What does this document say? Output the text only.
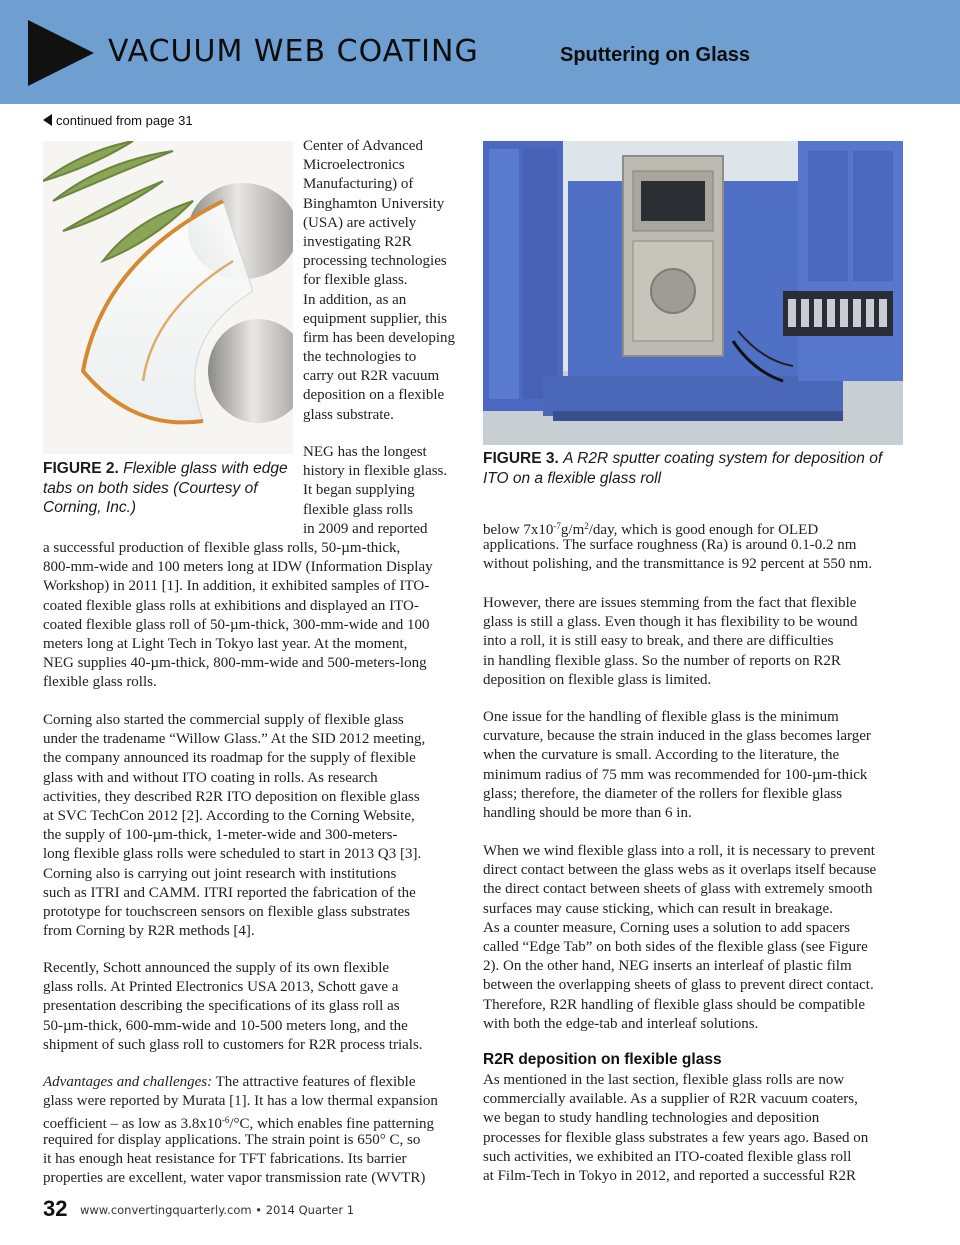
VACUUM WEB COATING	Sputtering on Glass
continued from page 31
Center of Advanced
Microelectronics
Manufacturing) of
Binghamton University
(USA) are actively
investigating R2R
processing technologies
for flexible glass.
In addition, as an
equipment supplier, this
firm has been developing
the technologies to
carry out R2R vacuum
deposition on a flexible
glass substrate.
FIGURE 2. Flexible glass with edge tabs on both sides (Courtesy of Corning, Inc.)
NEG has the longest
history in flexible glass.
It began supplying
flexible glass rolls
in 2009 and reported
a successful production of flexible glass rolls, 50-µm-thick,
800-mm-wide and 100 meters long at IDW (Information Display
Workshop) in 2011 [1]. In addition, it exhibited samples of ITO-
coated flexible glass rolls at exhibitions and displayed an ITO-
coated flexible glass roll of 50-µm-thick, 300-mm-wide and 100
meters long at Light Tech in Tokyo last year. At the moment,
NEG supplies 40-µm-thick, 800-mm-wide and 500-meters-long
flexible glass rolls.
Corning also started the commercial supply of flexible glass
under the tradename “Willow Glass.” At the SID 2012 meeting,
the company announced its roadmap for the supply of flexible
glass with and without ITO coating in rolls. As research
activities, they described R2R ITO deposition on flexible glass
at SVC TechCon 2012 [2]. According to the Corning Website,
the supply of 100-µm-thick, 1-meter-wide and 300-meters-
long flexible glass rolls were scheduled to start in 2013 Q3 [3].
Corning also is carrying out joint research with institutions
such as ITRI and CAMM. ITRI reported the fabrication of the
prototype for touchscreen sensors on flexible glass substrates
from Corning by R2R methods [4].
Recently, Schott announced the supply of its own flexible
glass rolls. At Printed Electronics USA 2013, Schott gave a
presentation describing the specifications of its glass roll as
50-µm-thick, 600-mm-wide and 10-500 meters long, and the
shipment of such glass roll to customers for R2R process trials.
Advantages and challenges: The attractive features of flexible
glass were reported by Murata [1]. It has a low thermal expansion
coefficient – as low as $3.8x10^{-6}/^\circ C$, which enables fine patterning
required for display applications. The strain point is 650° C, so
it has enough heat resistance for TFT fabrications. Its barrier
properties are excellent, water vapor transmission rate (WVTR)
FIGURE 3. A R2R sputter coating system for deposition of ITO on a flexible glass roll
below $7x10^{-7}g/m^2$/day, which is good enough for OLED
applications. The surface roughness (Ra) is around 0.1-0.2 nm
without polishing, and the transmittance is 92 percent at 550 nm.
However, there are issues stemming from the fact that flexible
glass is still a glass. Even though it has flexibility to be wound
into a roll, it is still easy to break, and there are difficulties
in handling flexible glass. So the number of reports on R2R
deposition on flexible glass is limited.
One issue for the handling of flexible glass is the minimum
curvature, because the strain induced in the glass becomes larger
when the curvature is small. According to the literature, the
minimum radius of 75 mm was recommended for 100-µm-thick
glass; therefore, the diameter of the rollers for flexible glass
handling should be more than 6 in.
When we wind flexible glass into a roll, it is necessary to prevent
direct contact between the glass webs as it overlaps itself because
the direct contact between sheets of glass with extremely smooth
surfaces may cause sticking, which can result in breakage.
As a counter measure, Corning uses a solution to add spacers
called “Edge Tab” on both sides of the flexible glass (see Figure
2). On the other hand, NEG inserts an interleaf of plastic film
between the overlapping sheets of glass to prevent direct contact.
Therefore, R2R handling of flexible glass should be compatible
with both the edge-tab and interleaf solutions.
R2R deposition on flexible glass
As mentioned in the last section, flexible glass rolls are now
commercially available. As a supplier of R2R vacuum coaters,
we began to study handling technologies and deposition
processes for flexible glass substrates a few years ago. Based on
such activities, we exhibited an ITO-coated flexible glass roll
at Film-Tech in Tokyo in 2012, and reported a successful R2R
32 www.convertingquarterly.com • 2014 Quarter 1
